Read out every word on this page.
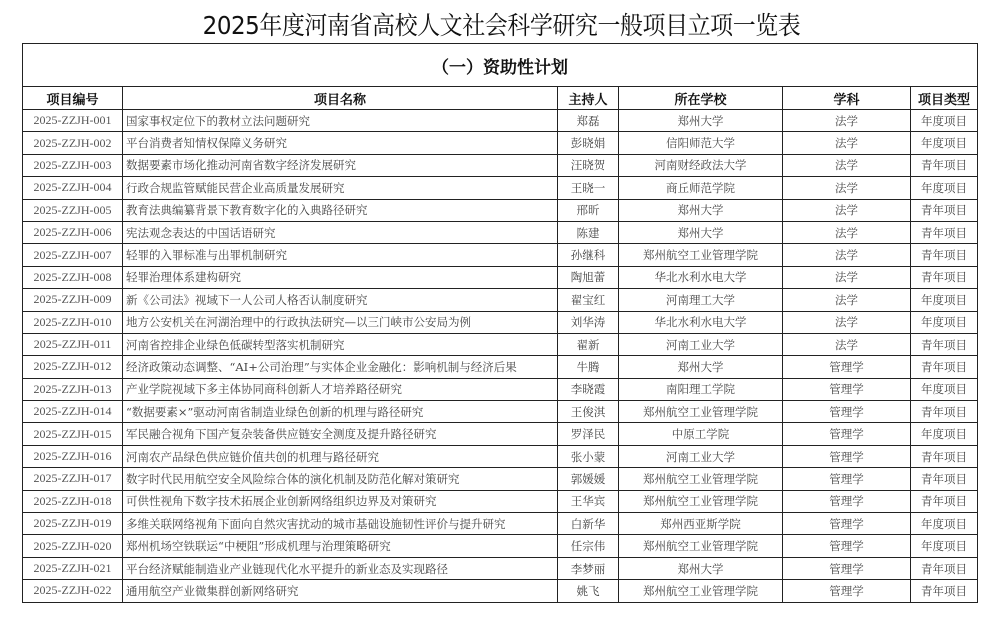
2025年度河南省高校人文社会科学研究一般项目立项一览表
（一）资助性计划					
项目编号	项目名称	主持人	所在学校	学科	项目类型
2025-ZZJH-001	国家事权定位下的教材立法问题研究	郑磊	郑州大学	法学	年度项目
2025-ZZJH-002	平台消费者知情权保障义务研究	彭晓娟	信阳师范大学	法学	年度项目
2025-ZZJH-003	数据要素市场化推动河南省数字经济发展研究	汪晓贺	河南财经政法大学	法学	青年项目
2025-ZZJH-004	行政合规监管赋能民营企业高质量发展研究	王晓一	商丘师范学院	法学	年度项目
2025-ZZJH-005	教育法典编纂背景下教育数字化的入典路径研究	邢昕	郑州大学	法学	青年项目
2025-ZZJH-006	宪法观念表达的中国话语研究	陈建	郑州大学	法学	青年项目
2025-ZZJH-007	轻罪的入罪标准与出罪机制研究	孙继科	郑州航空工业管理学院	法学	青年项目
2025-ZZJH-008	轻罪治理体系建构研究	陶旭蕾	华北水利水电大学	法学	青年项目
2025-ZZJH-009	新《公司法》视域下一人公司人格否认制度研究	翟宝红	河南理工大学	法学	年度项目
2025-ZZJH-010	地方公安机关在河湖治理中的行政执法研究—以三门峡市公安局为例	刘华涛	华北水利水电大学	法学	年度项目
2025-ZZJH-011	河南省控排企业绿色低碳转型落实机制研究	翟新	河南工业大学	法学	青年项目
2025-ZZJH-012	经济政策动态调整、“AI+公司治理”与实体企业金融化：影响机制与经济后果	牛腾	郑州大学	管理学	青年项目
2025-ZZJH-013	产业学院视域下多主体协同商科创新人才培养路径研究	李晓霞	南阳理工学院	管理学	年度项目
2025-ZZJH-014	“数据要素×”驱动河南省制造业绿色创新的机理与路径研究	王俊淇	郑州航空工业管理学院	管理学	青年项目
2025-ZZJH-015	军民融合视角下国产复杂装备供应链安全测度及提升路径研究	罗泽民	中原工学院	管理学	年度项目
2025-ZZJH-016	河南农产品绿色供应链价值共创的机理与路径研究	张小蒙	河南工业大学	管理学	青年项目
2025-ZZJH-017	数字时代民用航空安全风险综合体的演化机制及防范化解对策研究	郭媛媛	郑州航空工业管理学院	管理学	青年项目
2025-ZZJH-018	可供性视角下数字技术拓展企业创新网络组织边界及对策研究	王华宾	郑州航空工业管理学院	管理学	青年项目
2025-ZZJH-019	多维关联网络视角下面向自然灾害扰动的城市基础设施韧性评价与提升研究	白新华	郑州西亚斯学院	管理学	年度项目
2025-ZZJH-020	郑州机场空铁联运“中梗阻”形成机理与治理策略研究	任宗伟	郑州航空工业管理学院	管理学	年度项目
2025-ZZJH-021	平台经济赋能制造业产业链现代化水平提升的新业态及实现路径	李梦丽	郑州大学	管理学	青年项目
2025-ZZJH-022	通用航空产业微集群创新网络研究	姚飞	郑州航空工业管理学院	管理学	青年项目
